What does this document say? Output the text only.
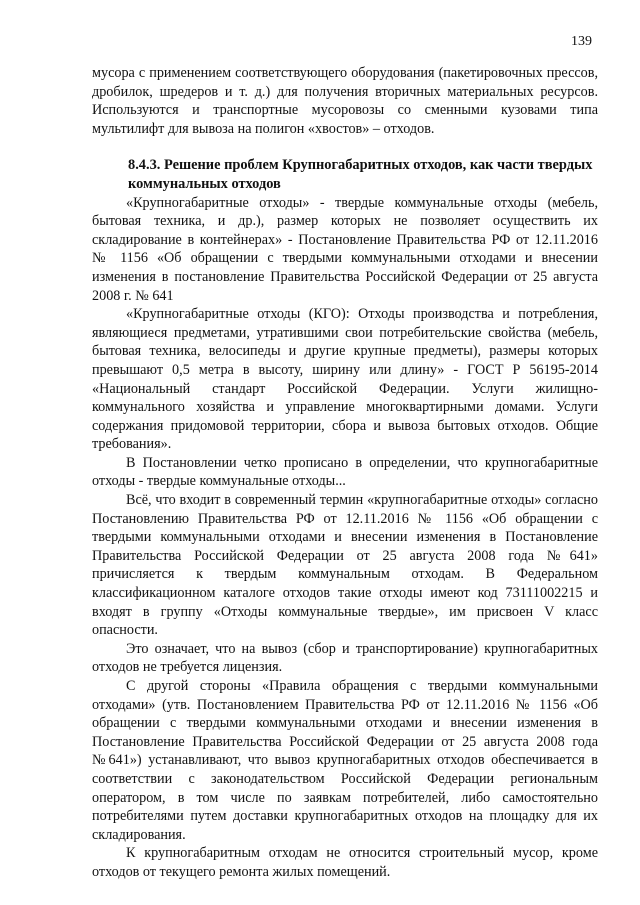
139

мусора с применением соответствующего оборудования (пакетировочных прессов, дробилок, шредеров и т. д.) для получения вторичных материальных ресурсов. Используются и транспортные мусоровозы со сменными кузовами типа мультилифт для вывоза на полигон «хвостов» – отходов.

8.4.3. Решение проблем Крупногабаритных отходов, как части твердых коммунальных отходов

«Крупногабаритные отходы» - твердые коммунальные отходы (мебель, бытовая техника, и др.), размер которых не позволяет осуществить их складирование в контейнерах» - Постановление Правительства РФ от 12.11.2016 № 1156 «Об обращении с твердыми коммунальными отходами и внесении изменения в постановление Правительства Российской Федерации от 25 августа 2008 г. № 641

«Крупногабаритные отходы (КГО): Отходы производства и потребления, являющиеся предметами, утратившими свои потребительские свойства (мебель, бытовая техника, велосипеды и другие крупные предметы), размеры которых превышают 0,5 метра в высоту, ширину или длину» - ГОСТ Р 56195-2014 «Национальный стандарт Российской Федерации. Услуги жилищно-коммунального хозяйства и управление многоквартирными домами. Услуги содержания придомовой территории, сбора и вывоза бытовых отходов. Общие требования».

В Постановлении четко прописано в определении, что крупногабаритные отходы - твердые коммунальные отходы...

Всё, что входит в современный термин «крупногабаритные отходы» согласно Постановлению Правительства РФ от 12.11.2016 № 1156 «Об обращении с твердыми коммунальными отходами и внесении изменения в Постановление Правительства Российской Федерации от 25 августа 2008 года №641» причисляется к твердым коммунальным отходам. В Федеральном классификационном каталоге отходов такие отходы имеют код 73111002215 и входят в группу «Отходы коммунальные твердые», им присвоен V класс опасности.

Это означает, что на вывоз (сбор и транспортирование) крупногабаритных отходов не требуется лицензия.

С другой стороны «Правила обращения с твердыми коммунальными отходами» (утв. Постановлением Правительства РФ от 12.11.2016 № 1156 «Об обращении с твердыми коммунальными отходами и внесении изменения в Постановление Правительства Российской Федерации от 25 августа 2008 года №641») устанавливают, что вывоз крупногабаритных отходов обеспечивается в соответствии с законодательством Российской Федерации региональным оператором, в том числе по заявкам потребителей, либо самостоятельно потребителями путем доставки крупногабаритных отходов на площадку для их складирования.

К крупногабаритным отходам не относится строительный мусор, кроме отходов от текущего ремонта жилых помещений.
